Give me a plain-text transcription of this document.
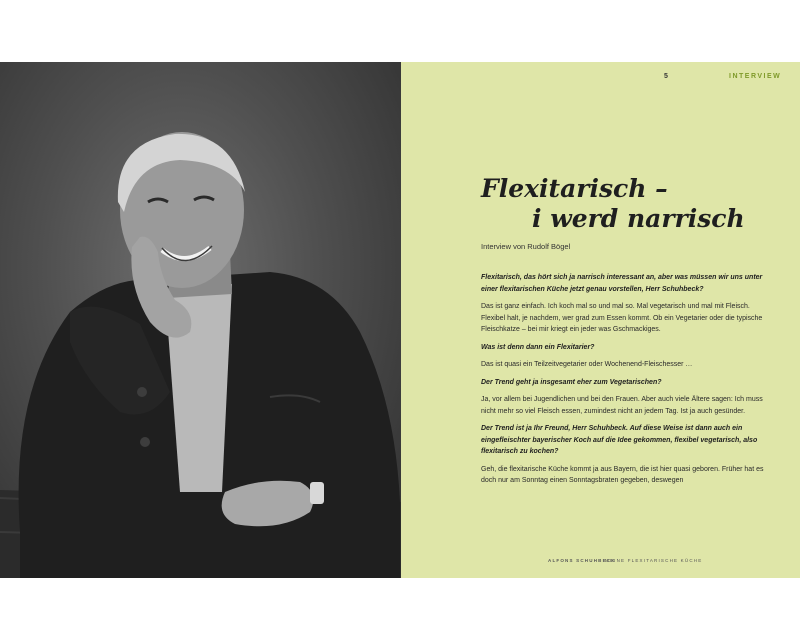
5	INTERVIEW
Flexitarisch –
i werd narrisch
Interview von Rudolf Bögel

Flexitarisch, das hört sich ja narrisch interessant an, aber was müssen wir uns unter einer flexitarischen Küche jetzt genau vorstellen, Herr Schuhbeck?

Das ist ganz einfach. Ich koch mal so und mal so. Mal vegetarisch und mal mit Fleisch. Flexibel halt, je nachdem, wer grad zum Essen kommt. Ob ein Vegetarier oder die typische Fleischkatze – bei mir kriegt ein jeder was Gschmackiges.

Was ist denn dann ein Flexitarier?

Das ist quasi ein Teilzeitvegetarier oder Wochenend-Fleischesser …

Der Trend geht ja insgesamt eher zum Vegetarischen?

Ja, vor allem bei Jugendlichen und bei den Frauen. Aber auch viele Ältere sagen: Ich muss nicht mehr so viel Fleisch essen, zumindest nicht an jedem Tag. Ist ja auch gesünder.

Der Trend ist ja Ihr Freund, Herr Schuhbeck. Auf diese Weise ist dann auch ein eingefleischter bayerischer Koch auf die Idee gekommen, flexibel vegetarisch, also flexitarisch zu kochen?

Geh, die flexitarische Küche kommt ja aus Bayern, die ist hier quasi geboren. Früher hat es doch nur am Sonntag einen Sonntagsbraten gegeben, deswegen

ALFONS SCHUHBECK
MEINE FLEXITARISCHE KÜCHE
